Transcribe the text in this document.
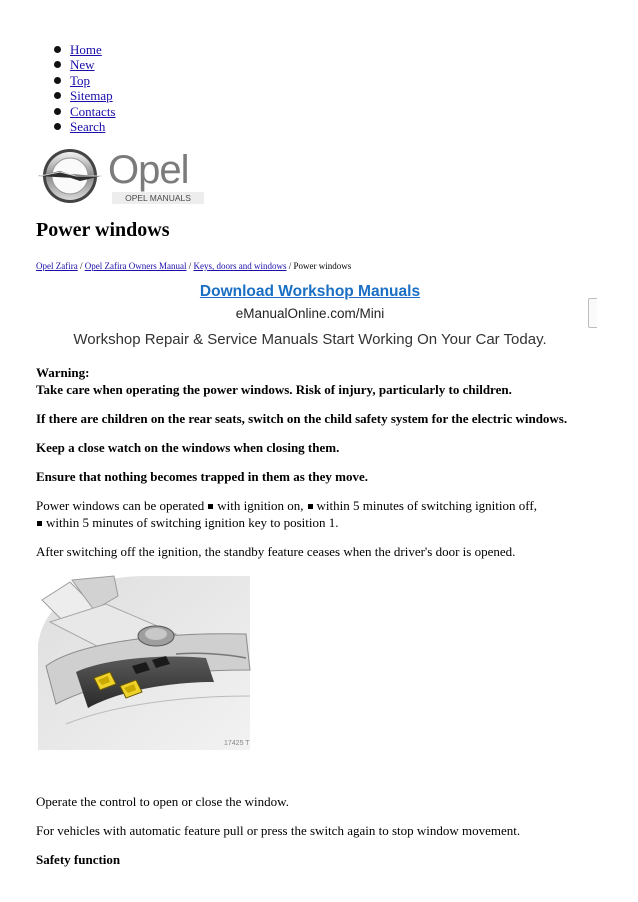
Home
New
Top
Sitemap
Contacts
Search
Opel
OPEL MANUALS
Power windows
Opel Zafira / Opel Zafira Owners Manual / Keys, doors and windows / Power windows
Download Workshop Manuals
eManualOnline.com/Mini
Workshop Repair & Service Manuals Start Working On Your Car Today.

Warning:
Take care when operating the power windows. Risk of injury, particularly to children.

If there are children on the rear seats, switch on the child safety system for the electric windows.

Keep a close watch on the windows when closing them.

Ensure that nothing becomes trapped in them as they move.

Power windows can be operated with ignition on, within 5 minutes of switching ignition off,
within 5 minutes of switching ignition key to position 1.

After switching off the ignition, the standby feature ceases when the driver's door is opened.

17425 T

Operate the control to open or close the window.

For vehicles with automatic feature pull or press the switch again to stop window movement.

Safety function
